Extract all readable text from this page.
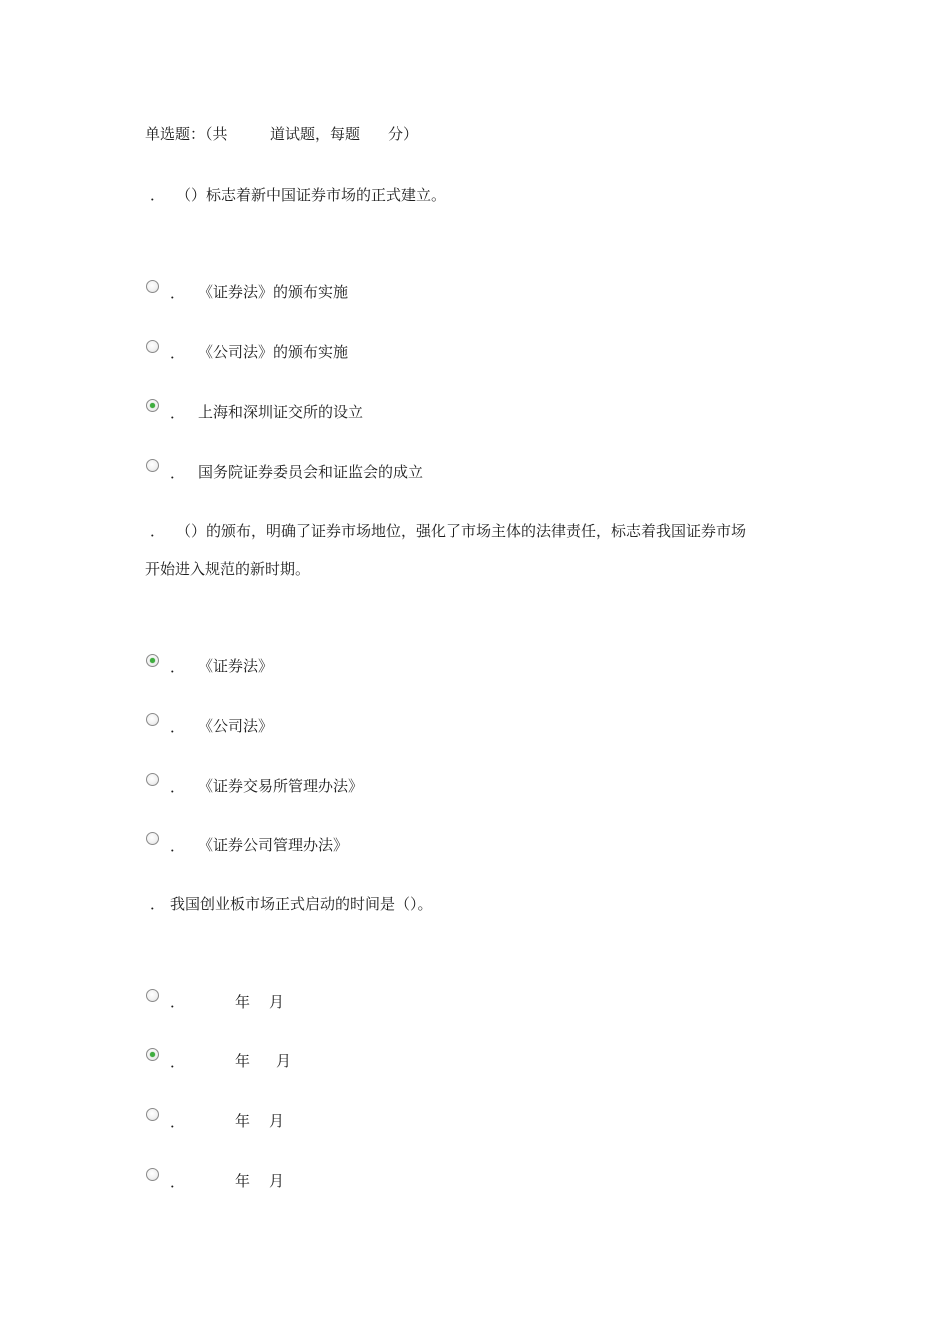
单选题：（共	道试题，每题 分）
． （）标志着新中国证券市场的正式建立。
． 《证券法》的颁布实施
． 《公司法》的颁布实施
． 上海和深圳证交所的设立
． 国务院证券委员会和证监会的成立
． （）的颁布，明确了证券市场地位，强化了市场主体的法律责任，标志着我国证券市场
开始进入规范的新时期。
． 《证券法》
． 《公司法》
． 《证券交易所管理办法》
． 《证券公司管理办法》
． 我国创业板市场正式启动的时间是（）。
．	年 月
．	年 月
．	年 月
．	年 月
